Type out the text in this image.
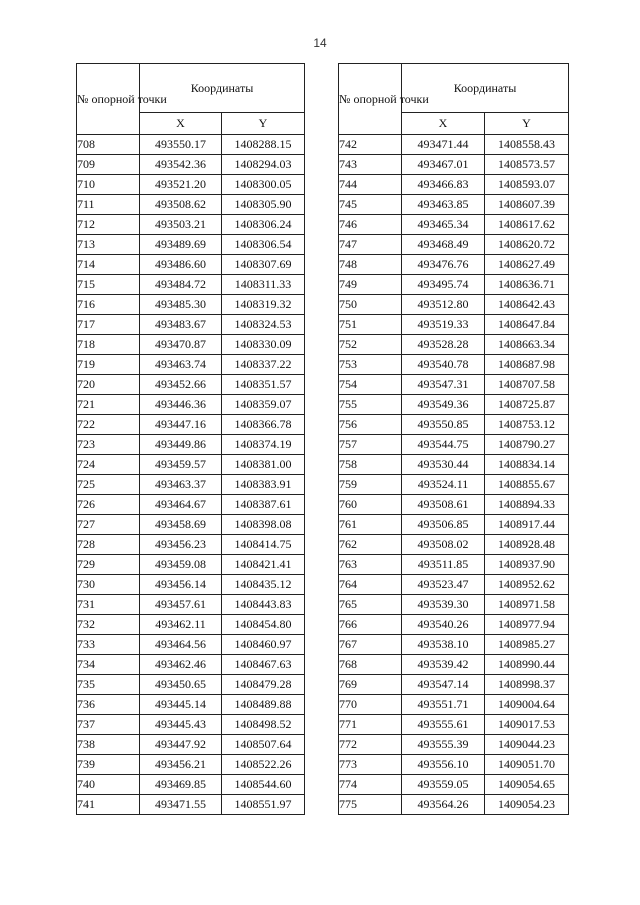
14
№ опорной точки	Координаты	
	X	Y
708	493550.17	1408288.15
709	493542.36	1408294.03
710	493521.20	1408300.05
711	493508.62	1408305.90
712	493503.21	1408306.24
713	493489.69	1408306.54
714	493486.60	1408307.69
715	493484.72	1408311.33
716	493485.30	1408319.32
717	493483.67	1408324.53
718	493470.87	1408330.09
719	493463.74	1408337.22
720	493452.66	1408351.57
721	493446.36	1408359.07
722	493447.16	1408366.78
723	493449.86	1408374.19
724	493459.57	1408381.00
725	493463.37	1408383.91
726	493464.67	1408387.61
727	493458.69	1408398.08
728	493456.23	1408414.75
729	493459.08	1408421.41
730	493456.14	1408435.12
731	493457.61	1408443.83
732	493462.11	1408454.80
733	493464.56	1408460.97
734	493462.46	1408467.63
735	493450.65	1408479.28
736	493445.14	1408489.88
737	493445.43	1408498.52
738	493447.92	1408507.64
739	493456.21	1408522.26
740	493469.85	1408544.60
741	493471.55	1408551.97
№ опорной точки	Координаты	
	X	Y
742	493471.44	1408558.43
743	493467.01	1408573.57
744	493466.83	1408593.07
745	493463.85	1408607.39
746	493465.34	1408617.62
747	493468.49	1408620.72
748	493476.76	1408627.49
749	493495.74	1408636.71
750	493512.80	1408642.43
751	493519.33	1408647.84
752	493528.28	1408663.34
753	493540.78	1408687.98
754	493547.31	1408707.58
755	493549.36	1408725.87
756	493550.85	1408753.12
757	493544.75	1408790.27
758	493530.44	1408834.14
759	493524.11	1408855.67
760	493508.61	1408894.33
761	493506.85	1408917.44
762	493508.02	1408928.48
763	493511.85	1408937.90
764	493523.47	1408952.62
765	493539.30	1408971.58
766	493540.26	1408977.94
767	493538.10	1408985.27
768	493539.42	1408990.44
769	493547.14	1408998.37
770	493551.71	1409004.64
771	493555.61	1409017.53
772	493555.39	1409044.23
773	493556.10	1409051.70
774	493559.05	1409054.65
775	493564.26	1409054.23
